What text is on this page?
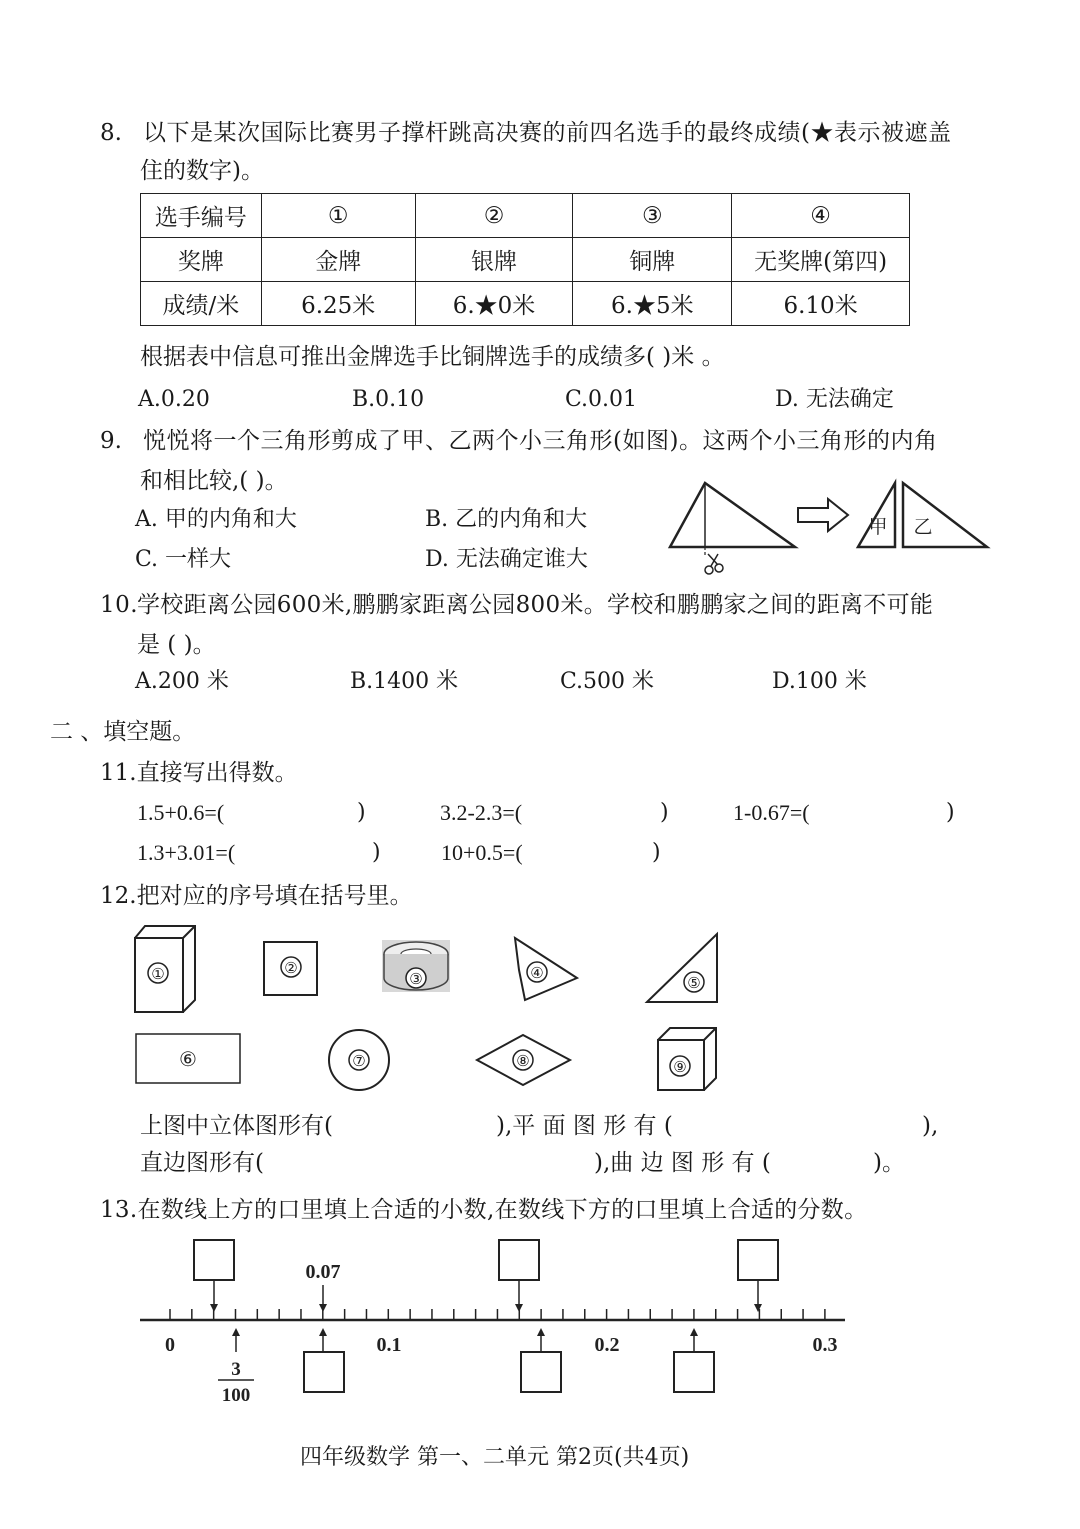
8. 以下是某次国际比赛男子撑杆跳高决赛的前四名选手的最终成绩(★表示被遮盖
住的数字)。
选手编号	①	②	③	④
奖牌	金牌	银牌	铜牌	无奖牌(第四)
成绩/米	6.25米	6.★0米	6.★5米	6.10米
根据表中信息可推出金牌选手比铜牌选手的成绩多( )米 。
A.0.20	B.0.10	C.0.01	D. 无法确定
9. 悦悦将一个三角形剪成了甲、乙两个小三角形(如图)。这两个小三角形的内角
和相比较,( )。
A. 甲的内角和大	B. 乙的内角和大
C. 一样大	D. 无法确定谁大
甲 乙
10.
学校距离公园600米,鹏鹏家距离公园800米。学校和鹏鹏家之间的距离不可能
是 ( )。
A.200 米	B.1400 米	C.500 米	D.100 米
二 、填空题。
11.直接写出得数。
1.5+0.6=(	)	3.2-2.3=(	)	1-0.67=(	)
1.3+3.01=(	)	10+0.5=(	)
12.把对应的序号填在括号里。
①	②
③	④
⑤
⑥	⑦	⑧	⑨
上图中立体图形有(	),平 面 图 形 有 (	),
直边图形有(	),曲 边 图 形 有 (	)。
13.在数线上方的口里填上合适的小数,在数线下方的口里填上合适的分数。
0	0.1	0.2	0.3
0.07
3
100
四年级数学 第一、二单元 第2页(共4页)
